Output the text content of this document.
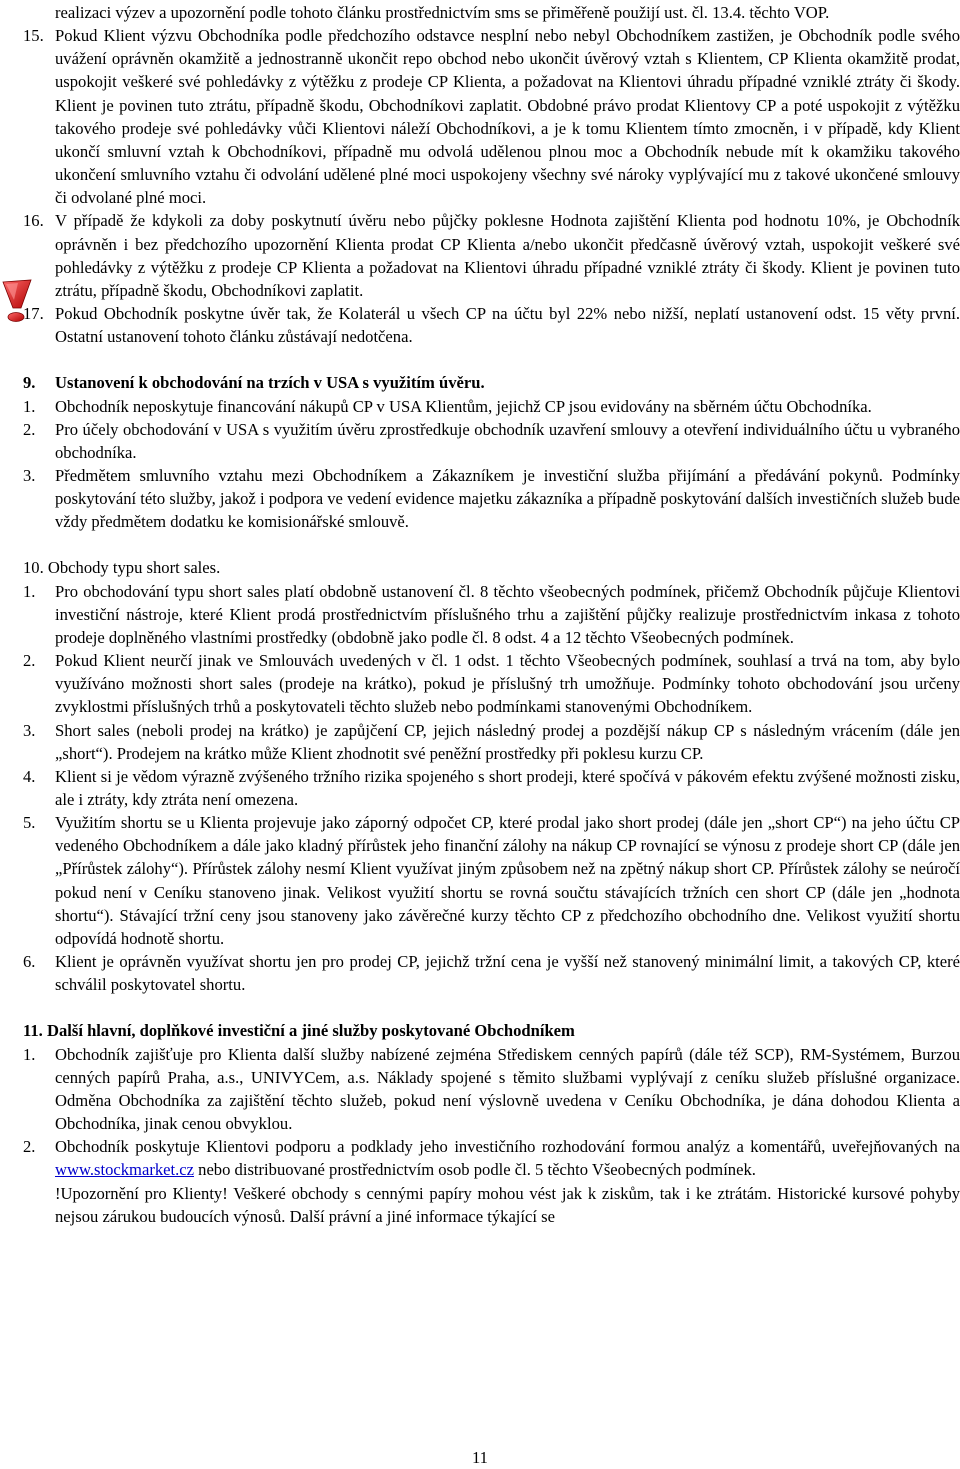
realizaci výzev a upozornění podle tohoto článku prostřednictvím sms se přiměřeně použijí ust. čl. 13.4. těchto VOP.
15. Pokud Klient výzvu Obchodníka podle předchozího odstavce nesplní nebo nebyl Obchodníkem zastižen, je Obchodník podle svého uvážení oprávněn okamžitě a jednostranně ukončit repo obchod nebo ukončit úvěrový vztah s Klientem, CP Klienta okamžitě prodat, uspokojit veškeré své pohledávky z výtěžku z prodeje CP Klienta, a požadovat na Klientovi úhradu případné vzniklé ztráty či škody. Klient je povinen tuto ztrátu, případně škodu, Obchodníkovi zaplatit. Obdobné právo prodat Klientovy CP a poté uspokojit z výtěžku takového prodeje své pohledávky vůči Klientovi náleží Obchodníkovi, a je k tomu Klientem tímto zmocněn, i v případě, kdy Klient ukončí smluvní vztah k Obchodníkovi, případně mu odvolá udělenou plnou moc a Obchodník nebude mít k okamžiku takového ukončení smluvního vztahu či odvolání udělené plné moci uspokojeny všechny své nároky vyplývající mu z takové ukončené smlouvy či odvolané plné moci.
16. V případě že kdykoli za doby poskytnutí úvěru nebo půjčky poklesne Hodnota zajištění Klienta pod hodnotu 10%, je Obchodník oprávněn i bez předchozího upozornění Klienta prodat CP Klienta a/nebo ukončit předčasně úvěrový vztah, uspokojit veškeré své pohledávky z výtěžku z prodeje CP Klienta a požadovat na Klientovi úhradu případné vzniklé ztráty či škody. Klient je povinen tuto ztrátu, případně škodu, Obchodníkovi zaplatit.
17. Pokud Obchodník poskytne úvěr tak, že Kolaterál u všech CP na účtu byl 22% nebo nižší, neplatí ustanovení odst. 15 věty první. Ostatní ustanovení tohoto článku zůstávají nedotčena.
9. Ustanovení k obchodování na trzích v USA s využitím úvěru.
1. Obchodník neposkytuje financování nákupů CP v USA Klientům, jejichž CP jsou evidovány na sběrném účtu Obchodníka.
2. Pro účely obchodování v USA s využitím úvěru zprostředkuje obchodník uzavření smlouvy a otevření individuálního účtu u vybraného obchodníka.
3. Předmětem smluvního vztahu mezi Obchodníkem a Zákazníkem je investiční služba přijímání a předávání pokynů. Podmínky poskytování této služby, jakož i podpora ve vedení evidence majetku zákazníka a případně poskytování dalších investičních služeb bude vždy předmětem dodatku ke komisionářské smlouvě.
10. Obchody typu short sales.
1. Pro obchodování typu short sales platí obdobně ustanovení čl. 8 těchto všeobecných podmínek, přičemž Obchodník půjčuje Klientovi investiční nástroje, které Klient prodá prostřednictvím příslušného trhu a zajištění půjčky realizuje prostřednictvím inkasa z tohoto prodeje doplněného vlastními prostředky (obdobně jako podle čl. 8 odst. 4 a 12 těchto Všeobecných podmínek.
2. Pokud Klient neurčí jinak ve Smlouvách uvedených v čl. 1 odst. 1 těchto Všeobecných podmínek, souhlasí a trvá na tom, aby bylo využíváno možnosti short sales (prodeje na krátko), pokud je příslušný trh umožňuje. Podmínky tohoto obchodování jsou určeny zvyklostmi příslušných trhů a poskytovateli těchto služeb nebo podmínkami stanovenými Obchodníkem.
3. Short sales (neboli prodej na krátko) je zapůjčení CP, jejich následný prodej a pozdější nákup CP s následným vrácením (dále jen „short“). Prodejem na krátko může Klient zhodnotit své peněžní prostředky při poklesu kurzu CP.
4. Klient si je vědom výrazně zvýšeného tržního rizika spojeného s short prodeji, které spočívá v pákovém efektu zvýšené možnosti zisku, ale i ztráty, kdy ztráta není omezena.
5. Využitím shortu se u Klienta projevuje jako záporný odpočet CP, které prodal jako short prodej (dále jen „short CP“) na jeho účtu CP vedeného Obchodníkem a dále jako kladný přírůstek jeho finanční zálohy na nákup CP rovnající se výnosu z prodeje short CP (dále jen „Přírůstek zálohy“). Přírůstek zálohy nesmí Klient využívat jiným způsobem než na zpětný nákup short CP. Přírůstek zálohy se neúročí pokud není v Ceníku stanoveno jinak. Velikost využití shortu se rovná součtu stávajících tržních cen short CP (dále jen „hodnota shortu“). Stávající tržní ceny jsou stanoveny jako závěrečné kurzy těchto CP z předchozího obchodního dne. Velikost využití shortu odpovídá hodnotě shortu.
6. Klient je oprávněn využívat shortu jen pro prodej CP, jejichž tržní cena je vyšší než stanovený minimální limit, a takových CP, které schválil poskytovatel shortu.
11. Další hlavní, doplňkové investiční a jiné služby poskytované Obchodníkem
1. Obchodník zajišťuje pro Klienta další služby nabízené zejména Střediskem cenných papírů (dále též SCP), RM-Systémem, Burzou cenných papírů Praha, a.s., UNIVYCem, a.s. Náklady spojené s těmito službami vyplývají z ceníku služeb příslušné organizace. Odměna Obchodníka za zajištění těchto služeb, pokud není výslovně uvedena v Ceníku Obchodníka, je dána dohodou Klienta a Obchodníka, jinak cenou obvyklou.
2. Obchodník poskytuje Klientovi podporu a podklady jeho investičního rozhodování formou analýz a komentářů, uveřejňovaných na www.stockmarket.cz nebo distribuované prostřednictvím osob podle čl. 5 těchto Všeobecných podmínek.
!Upozornění pro Klienty! Veškeré obchody s cennými papíry mohou vést jak k ziskům, tak i ke ztrátám. Historické kursové pohyby nejsou zárukou budoucích výnosů. Další právní a jiné informace týkající se
11
